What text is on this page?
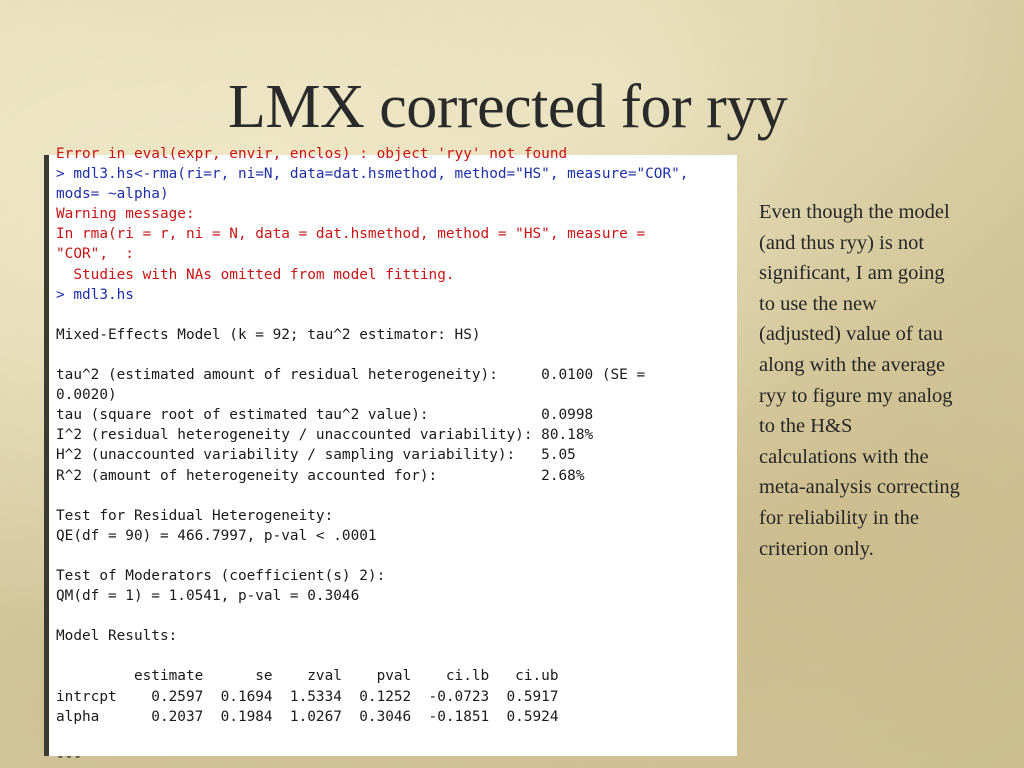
LMX corrected for ryy
Error in eval(expr, envir, enclos) : object 'ryy' not found
> mdl3.hs<-rma(ri=r, ni=N, data=dat.hsmethod, method="HS", measure="COR",
mods= ~alpha)
Warning message:
In rma(ri = r, ni = N, data = dat.hsmethod, method = "HS", measure =
"COR",  :
Studies with NAs omitted from model fitting.
> mdl3.hs
Mixed-Effects Model (k = 92; tau^2 estimator: HS)
tau^2 (estimated amount of residual heterogeneity):     0.0100 (SE =
0.0020)
tau (square root of estimated tau^2 value):             0.0998
I^2 (residual heterogeneity / unaccounted variability): 80.18%
H^2 (unaccounted variability / sampling variability):   5.05
R^2 (amount of heterogeneity accounted for):            2.68%
Test for Residual Heterogeneity:
QE(df = 90) = 466.7997, p-val < .0001
Test of Moderators (coefficient(s) 2):
QM(df = 1) = 1.0541, p-val = 0.3046
Model Results:
estimate      se    zval    pval    ci.lb   ci.ub
intrcpt    0.2597  0.1694  1.5334  0.1252  -0.0723  0.5917
alpha      0.2037  0.1984  1.0267  0.3046  -0.1851  0.5924
---
Even though the model
(and thus ryy) is not
significant, I am going
to use the new
(adjusted) value of tau
along with the average
ryy to figure my analog
to the H&S
calculations with the
meta-analysis correcting
for reliability in the
criterion only.
